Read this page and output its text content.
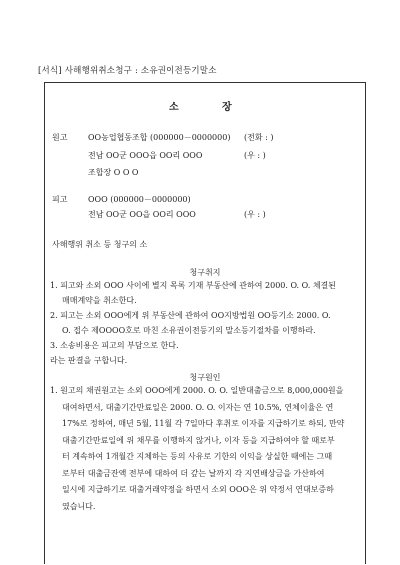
[서식] 사해행위취소청구 : 소유권이전등기말소
소	장
원고	OO농업협동조합 (000000－0000000) (전화 : )
전남 OO군 OOO읍 OO리 OOO	(우 : )
조합장 O O O
피고	OOO (000000－0000000)
전남 OO군 OO읍 OO리 OOO	(우 : )
사해행위 취소 등 청구의 소
청구취지
1. 피고와 소외 OOO 사이에 별지 목록 기재 부동산에 관하여 2000. O. O. 체결된
매매계약을 취소한다.
2. 피고는 소외 OOO에게 위 부동산에 관하여 OO지방법원 OO등기소 2000. O.
O. 접수 제OOOO호로 마친 소유권이전등기의 말소등기절차를 이행하라.
3. 소송비용은 피고의 부담으로 한다.
라는 판결을 구합니다.
청구원인
1. 원고의 채권원고는 소외 OOO에게 2000. O. O. 일반대출금으로 8,000,000원을
대여하면서, 대출기간만료일은 2000. O. O. 이자는 연 10.5%, 연체이율은 연
17%로 정하여, 매년 5월, 11월 각 7일마다 후취로 이자를 지급하기로 하되, 만약
대출기간만료일에 위 채무를 이행하지 않거나, 이자 등을 지급하여야 할 때로부
터 계속하여 1개월간 지체하는 등의 사유로 기한의 이익을 상실한 때에는 그때
로부터 대출금잔액 전부에 대하여 더 갚는 날까지 각 지연배상금을 가산하여
일시에 지급하기로 대출거래약정을 하면서 소외 OOO은 위 약정서 연대보증하
였습니다.
